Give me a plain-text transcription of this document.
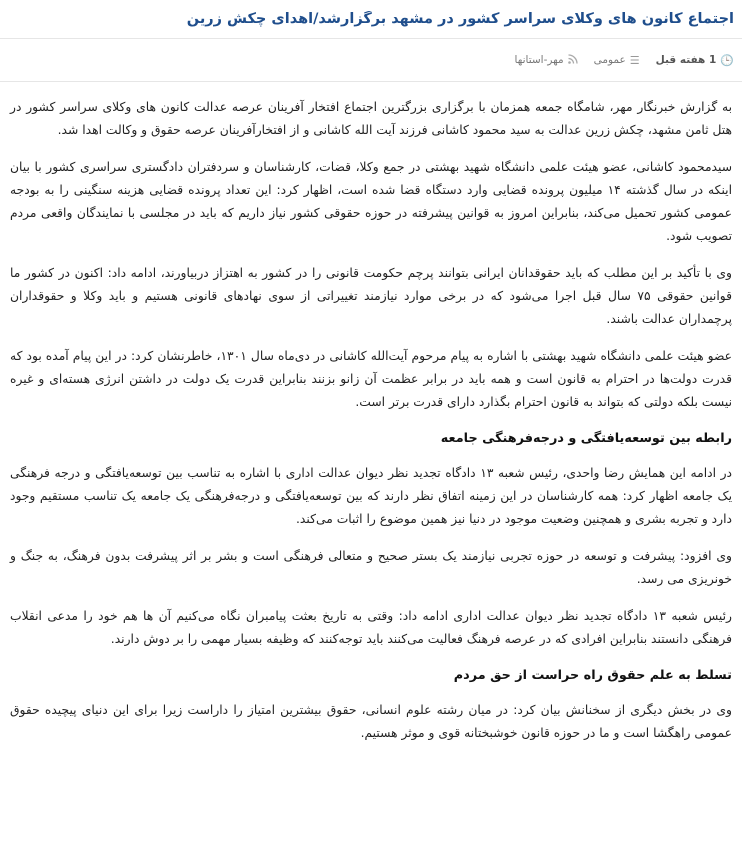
اجتماع کانون های وکلای سراسر کشور در مشهد برگزارشد/اهدای چکش زرین
🕒
1 هفته قبل
☰
عمومی
مهر-استانها

به گزارش خبرنگار مهر، شامگاه جمعه همزمان با برگزاری بزرگترین اجتماع افتخار آفرینان عرصه عدالت کانون های وکلای سراسر کشور در هتل ثامن مشهد، چکش زرین عدالت به سید محمود کاشانی فرزند آیت الله کاشانی و از افتخارآفرینان عرصه حقوق و وکالت اهدا شد.

سیدمحمود کاشانی، عضو هیئت علمی دانشگاه شهید بهشتی در جمع وکلا، قضات، کارشناسان و سردفتران دادگستری سراسری کشور با بیان اینکه در سال گذشته ۱۴ میلیون پرونده قضایی وارد دستگاه قضا شده است، اظهار کرد: این تعداد پرونده قضایی هزینه سنگینی را به بودجه عمومی کشور تحمیل می‌کند، بنابراین امروز به قوانین پیشرفته در حوزه حقوقی کشور نیاز داریم که باید در مجلسی با نمایندگان واقعی مردم تصویب شود.

وی با تأکید بر این مطلب که باید حقوقدانان ایرانی بتوانند پرچم حکومت قانونی را در کشور به اهتزاز دربیاورند، ادامه داد: اکنون در کشور ما قوانین حقوقی ۷۵ سال قبل اجرا می‌شود که در برخی موارد نیازمند تغییراتی از سوی نهادهای قانونی هستیم و باید وکلا و حقوقداران پرچمداران عدالت باشند.

عضو هیئت علمی دانشگاه شهید بهشتی با اشاره به پیام مرحوم آیت‌الله کاشانی در دی‌ماه سال ۱۳۰۱، خاطرنشان کرد: در این پیام آمده بود که قدرت دولت‌ها در احترام به قانون است و همه باید در برابر عظمت آن زانو بزنند بنابراین قدرت یک دولت در داشتن انرژی هسته‌ای و غیره نیست بلکه دولتی که بتواند به قانون احترام بگذارد دارای قدرت برتر است.

رابطه بین توسعه‌یافتگی و درجه‌فرهنگی جامعه

در ادامه این همایش رضا واحدی، رئیس شعبه ۱۳ دادگاه تجدید نظر دیوان عدالت اداری با اشاره به تناسب بین توسعه‌یافتگی و درجه فرهنگی یک جامعه اظهار کرد: همه کارشناسان در این زمینه اتفاق نظر دارند که بین توسعه‌یافتگی و درجه‌فرهنگی یک جامعه یک تناسب مستقیم وجود دارد و تجربه بشری و همچنین وضعیت موجود در دنیا نیز همین موضوع را اثبات می‌کند.

وی افزود: پیشرفت و توسعه در حوزه تجربی نیازمند یک بستر صحیح و متعالی فرهنگی است و بشر بر اثر پیشرفت بدون فرهنگ، به جنگ و خونریزی می رسد.

رئیس شعبه ۱۳ دادگاه تجدید نظر دیوان عدالت اداری ادامه داد: وقتی به تاریخ بعثت پیامبران نگاه می‌کنیم آن ها هم خود را مدعی انقلاب فرهنگی دانستند بنابراین افرادی که در عرصه فرهنگ فعالیت می‌کنند باید توجه‌کنند که وظیفه بسیار مهمی را بر دوش دارند.

تسلط به علم حقوق راه حراست از حق مردم

وی در بخش دیگری از سخنانش بیان کرد: در میان رشته علوم انسانی، حقوق بیشترین امتیاز را داراست زیرا برای این دنیای پیچیده حقوق عمومی راهگشا است و ما در حوزه قانون خوشبختانه قوی و موثر هستیم.
